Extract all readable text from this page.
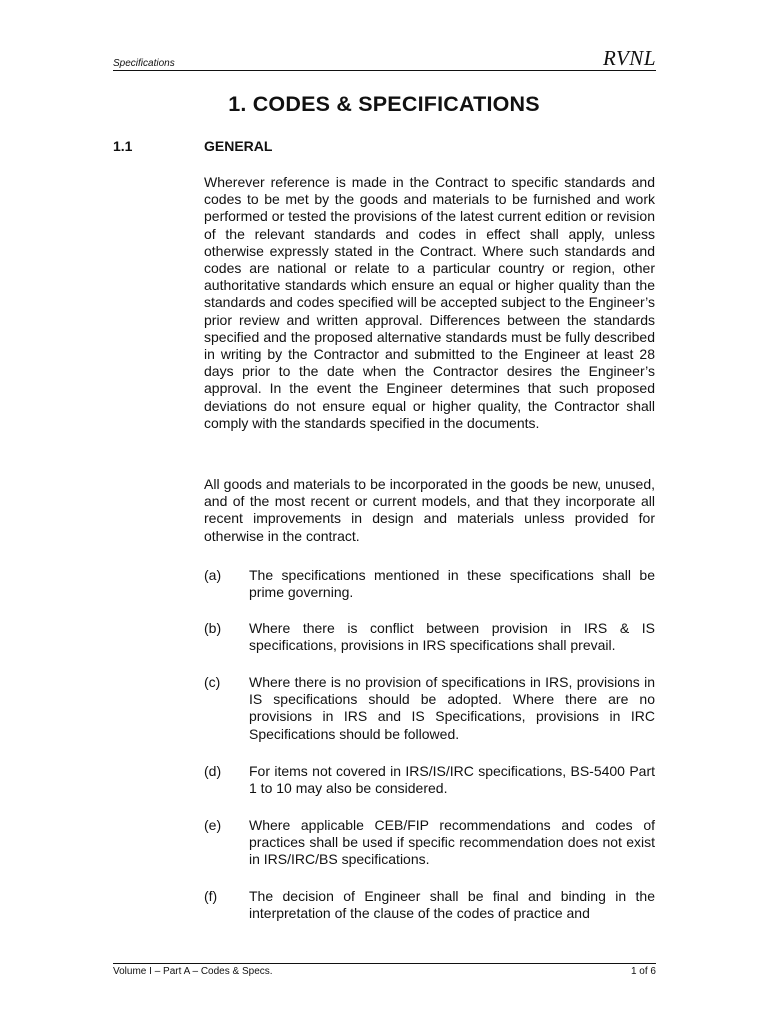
Specifications	RVNL
1. CODES & SPECIFICATIONS
1.1	GENERAL

Wherever reference is made in the Contract to specific standards and codes to be met by the goods and materials to be furnished and work performed or tested the provisions of the latest current edition or revision of the relevant standards and codes in effect shall apply, unless otherwise expressly stated in the Contract. Where such standards and codes are national or relate to a particular country or region, other authoritative standards which ensure an equal or higher quality than the standards and codes specified will be accepted subject to the Engineer’s prior review and written approval. Differences between the standards specified and the proposed alternative standards must be fully described in writing by the Contractor and submitted to the Engineer at least 28 days prior to the date when the Contractor desires the Engineer’s approval. In the event the Engineer determines that such proposed deviations do not ensure equal or higher quality, the Contractor shall comply with the standards specified in the documents.

All goods and materials to be incorporated in the goods be new, unused, and of the most recent or current models, and that they incorporate all recent improvements in design and materials unless provided for otherwise in the contract.

(a) The specifications mentioned in these specifications shall be prime governing.
(b) Where there is conflict between provision in IRS & IS specifications, provisions in IRS specifications shall prevail.
(c) Where there is no provision of specifications in IRS, provisions in IS specifications should be adopted. Where there are no provisions in IRS and IS Specifications, provisions in IRC Specifications should be followed.
(d) For items not covered in IRS/IS/IRC specifications, BS-5400 Part 1 to 10 may also be considered.
(e) Where applicable CEB/FIP recommendations and codes of practices shall be used if specific recommendation does not exist in IRS/IRC/BS specifications.
(f) The decision of Engineer shall be final and binding in the interpretation of the clause of the codes of practice and
Volume I – Part A – Codes & Specs.	1 of 6
